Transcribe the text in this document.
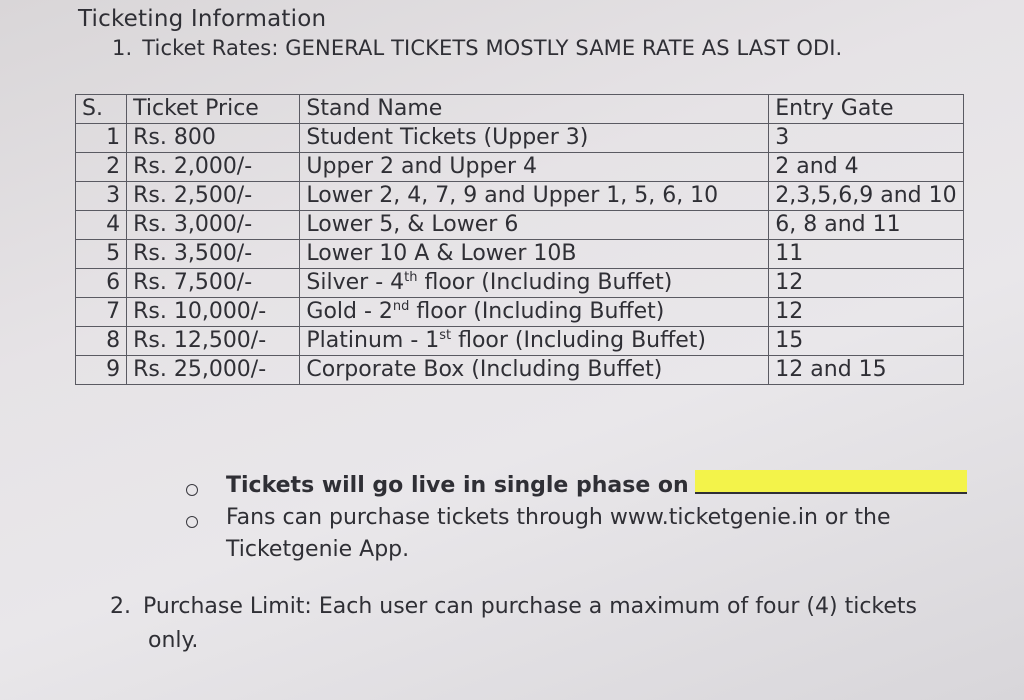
Ticketing Information
1. Ticket Rates: GENERAL TICKETS MOSTLY SAME RATE AS LAST ODI.
S.	Ticket Price	Stand Name	Entry Gate
1	Rs. 800	Student Tickets (Upper 3)	3
2	Rs. 2,000/-	Upper 2 and Upper 4	2 and 4
3	Rs. 2,500/-	Lower 2, 4, 7, 9 and Upper 1, 5, 6, 10	2,3,5,6,9 and 10
4	Rs. 3,000/-	Lower 5, & Lower 6	6, 8 and 11
5	Rs. 3,500/-	Lower 10 A & Lower 10B	11
6	Rs. 7,500/-	Silver - 4th floor (Including Buffet)	12
7	Rs. 10,000/-	Gold - 2nd floor (Including Buffet)	12
8	Rs. 12,500/-	Platinum - 1st floor (Including Buffet)	15
9	Rs. 25,000/-	Corporate Box (Including Buffet)	12 and 15
Tickets will go live in single phase on
Fans can purchase tickets through www.ticketgenie.in or the Ticketgenie App.
2. Purchase Limit: Each user can purchase a maximum of four (4) tickets
only.
